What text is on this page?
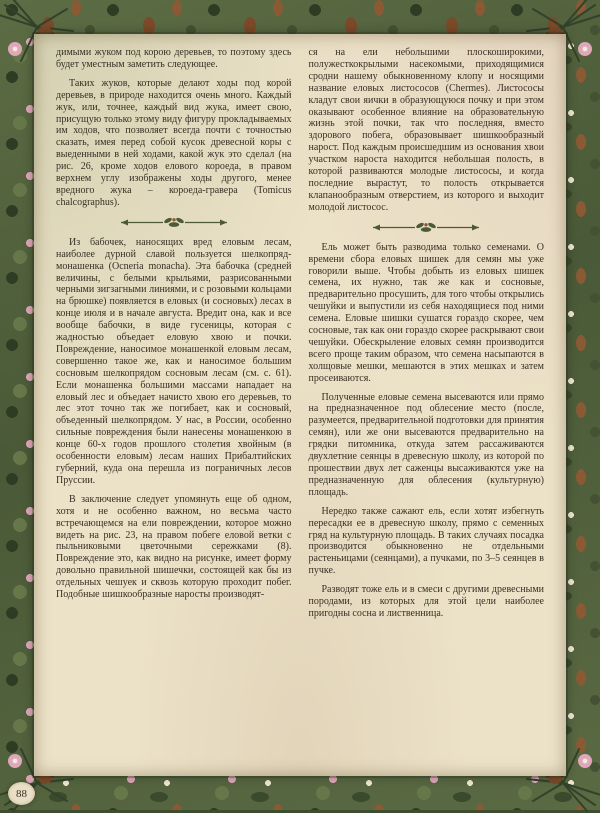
димыми жуком под корою деревьев, то поэтому здесь будет уместным заметить следующее.

Таких жуков, которые делают ходы под корой деревьев, в природе находится очень много. Каждый жук, или, точнее, каждый вид жука, имеет свою, присущую только этому виду фигуру прокладываемых им ходов, что позволяет всегда почти с точностью сказать, имея перед собой кусок древесной коры с выеденными в ней ходами, какой жук это сделал (на рис. 26, кроме ходов елового короеда, в правом верхнем углу изображены ходы другого, менее вредного жука – короеда-гравера (Tomicus chalcographus).

Из бабочек, наносящих вред еловым лесам, наиболее дурной славой пользуется шелкопряд-монашенка (Ocneria monacha). Эта бабочка (средней величины, с белыми крыльями, разрисованными черными зигзагными линиями, и с розовыми кольцами на брюшке) появляется в еловых (и сосновых) лесах в конце июля и в начале августа. Вредит она, как и все вообще бабочки, в виде гусеницы, которая с жадностью объедает еловую хвою и почки. Повреждение, наносимое монашенкой еловым лесам, совершенно такое же, как и наносимое большим сосновым шелкопрядом сосновым лесам (см. с. 61). Если монашенка большими массами нападает на еловый лес и объедает начисто хвою его деревьев, то лес этот точно так же погибает, как и сосновый, объеденный шелкопрядом. У нас, в России, особенно сильные повреждения были нанесены монашенкою в конце 60-х годов прошлого столетия хвойным (в особенности еловым) лесам наших Прибалтийских губерний, куда она перешла из пограничных лесов Пруссии.

В заключение следует упомянуть еще об одном, хотя и не особенно важном, но весьма часто встречающемся на ели повреждении, которое можно видеть на рис. 23, на правом побеге еловой ветки с пыльниковыми цветочными сережками (8). Повреждение это, как видно на рисунке, имеет форму довольно правильной шишечки, состоящей как бы из отдельных чешуек и сквозь которую проходит побег. Подобные шишкообразные наросты производят-

ся на ели небольшими плоскоширокими, полужесткокрылыми насекомыми, приходящимися сродни нашему обыкновенному клопу и носящими название еловых листососов (Chermes). Листососы кладут свои яички в образующуюся почку и при этом оказывают особенное влияние на образовательную жизнь этой почки, так что последняя, вместо здорового побега, образовывает шишкообразный нарост. Под каждым происшедшим из основания хвои участком нароста находится небольшая полость, в которой развиваются молодые листососы, и когда последние вырастут, то полость открывается клапанообразным отверстием, из которого и выходит молодой листосос.

Ель может быть разводима только семенами. О времени сбора еловых шишек для семян мы уже говорили выше. Чтобы добыть из еловых шишек семена, их нужно, так же как и сосновые, предварительно просушить, для того чтобы открылись чешуйки и выпустили из себя находящиеся под ними семена. Еловые шишки сушатся гораздо скорее, чем сосновые, так как они гораздо скорее раскрывают свои чешуйки. Обескрыление еловых семян производится всего проще таким образом, что семена насыпаются в холщовые мешки, мешаются в этих мешках и затем просеиваются.

Полученные еловые семена высеваются или прямо на предназначенное под облесение место (после, разумеется, предварительной подготовки для принятия семян), или же они высеваются предварительно на грядки питомника, откуда затем рассаживаются двухлетние сеянцы в древесную школу, из которой по прошествии двух лет саженцы высаживаются уже на предназначенную для облесения (культурную) площадь.

Нередко также сажают ель, если хотят избегнуть пересадки ее в древесную школу, прямо с семенных гряд на культурную площадь. В таких случаях посадка производится обыкновенно не отдельными растеньицами (сеянцами), а пучками, по 3–5 сеянцев в пучке.

Разводят тоже ель и в смеси с другими древесными породами, из которых для этой цели наиболее пригодны сосна и лиственница.

88
